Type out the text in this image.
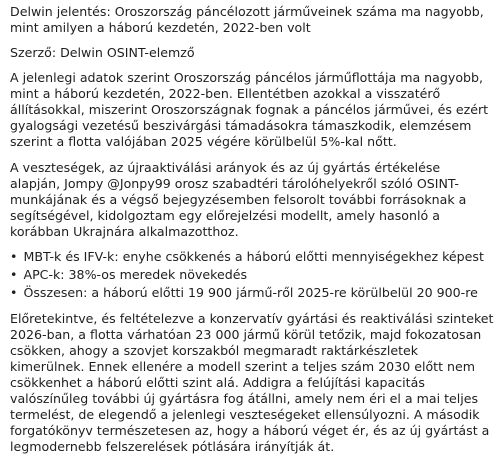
Delwin jelentés: Oroszország páncélozott járműveinek száma ma nagyobb, mint amilyen a háború kezdetén, 2022-ben volt

Szerző: Delwin OSINT-elemző

A jelenlegi adatok szerint Oroszország páncélos járműflottája ma nagyobb, mint a háború kezdetén, 2022-ben. Ellentétben azokkal a visszatérő állításokkal, miszerint Oroszországnak fognak a páncélos járművei, és ezért gyalogsági vezetésű beszivárgási támadásokra támaszkodik, elemzésem szerint a flotta valójában 2025 végére körülbelül 5%-kal nőtt.

A veszteségek, az újraaktiválási arányok és az új gyártás értékelése alapján, Jompy @Jonpy99 orosz szabadtéri tárolóhelyekről szóló OSINT-munkájának és a végső bejegyzésemben felsorolt további forrásoknak a segítségével, kidolgoztam egy előrejelzési modellt, amely hasonló a korábban Ukrajnára alkalmazotthoz.

• MBT-k és IFV-k: enyhe csökkenés a háború előtti mennyiségekhez képest
• APC-k: 38%-os meredek növekedés
• Összesen: a háború előtti 19 900 jármű-ről 2025-re körülbelül 20 900-re

Előretekintve, és feltételezve a konzervatív gyártási és reaktiválási szinteket 2026-ban, a flotta várhatóan 23 000 jármű körül tetőzik, majd fokozatosan csökken, ahogy a szovjet korszakból megmaradt raktárkészletek kimerülnek. Ennek ellenére a modell szerint a teljes szám 2030 előtt nem csökkenhet a háború előtti szint alá. Addigra a felújítási kapacitás valószínűleg további új gyártásra fog átállni, amely nem éri el a mai teljes termelést, de elegendő a jelenlegi veszteségeket ellensúlyozni. A második forgatókönyv természetesen az, hogy a háború véget ér, és az új gyártást a legmodernebb felszerelések pótlására irányítják át.
